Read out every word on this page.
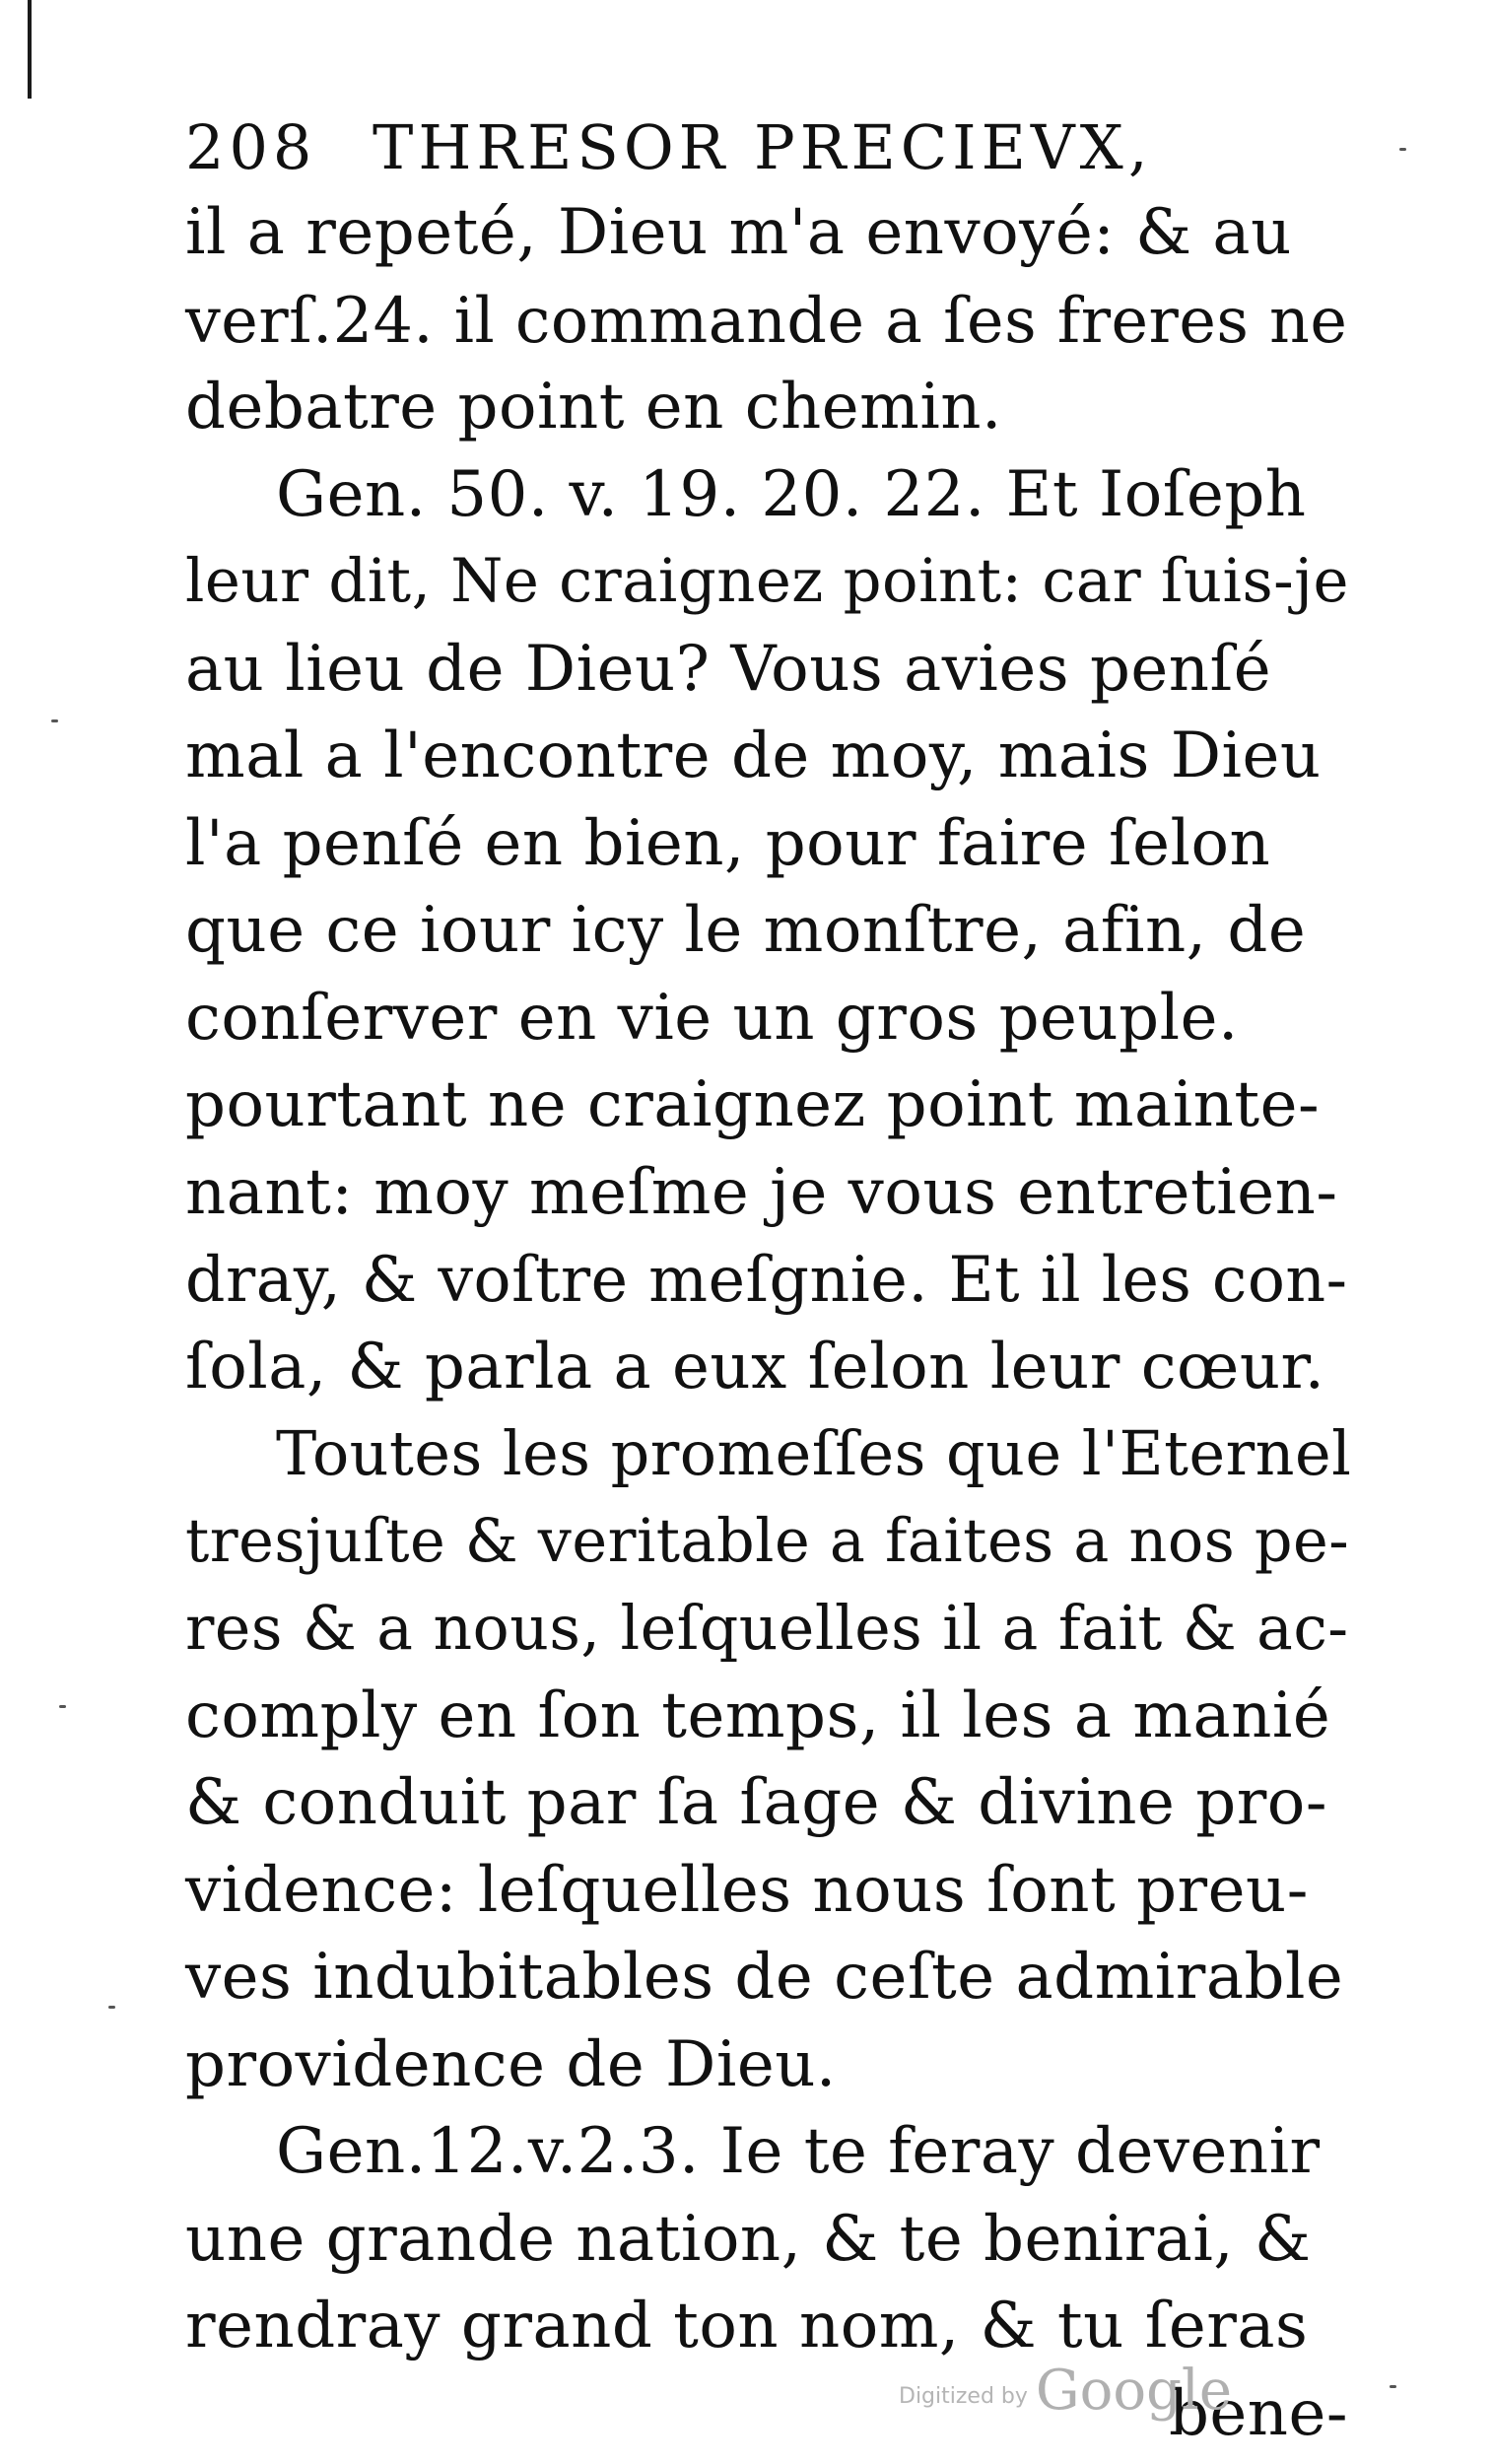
208 THRESOR PRECIEVX,
il a repeté, Dieu m'a envoyé: & au
verſ.24. il commande a ſes freres ne
debatre point en chemin.
Gen. 50. v. 19. 20. 22. Et Ioſeph
leur dit, Ne craignez point: car ſuis-je
au lieu de Dieu? Vous avies penſé
mal a l'encontre de moy, mais Dieu
l'a penſé en bien, pour faire ſelon
que ce iour icy le monſtre, afin, de
conſerver en vie un gros peuple.
pourtant ne craignez point mainte-
nant: moy meſme je vous entretien-
dray, & voſtre meſgnie. Et il les con-
ſola, & parla a eux ſelon leur cœur.
Toutes les promeſſes que l'Eternel
tresjuſte & veritable a faites a nos pe-
res & a nous, leſquelles il a fait & ac-
comply en ſon temps, il les a manié
& conduit par ſa ſage & divine pro-
vidence: leſquelles nous ſont preu-
ves indubitables de ceſte admirable
providence de Dieu.
Gen.12.v.2.3. Ie te feray devenir
une grande nation, & te benirai, &
rendray grand ton nom, & tu ſeras
bene-
Digitized by Google
